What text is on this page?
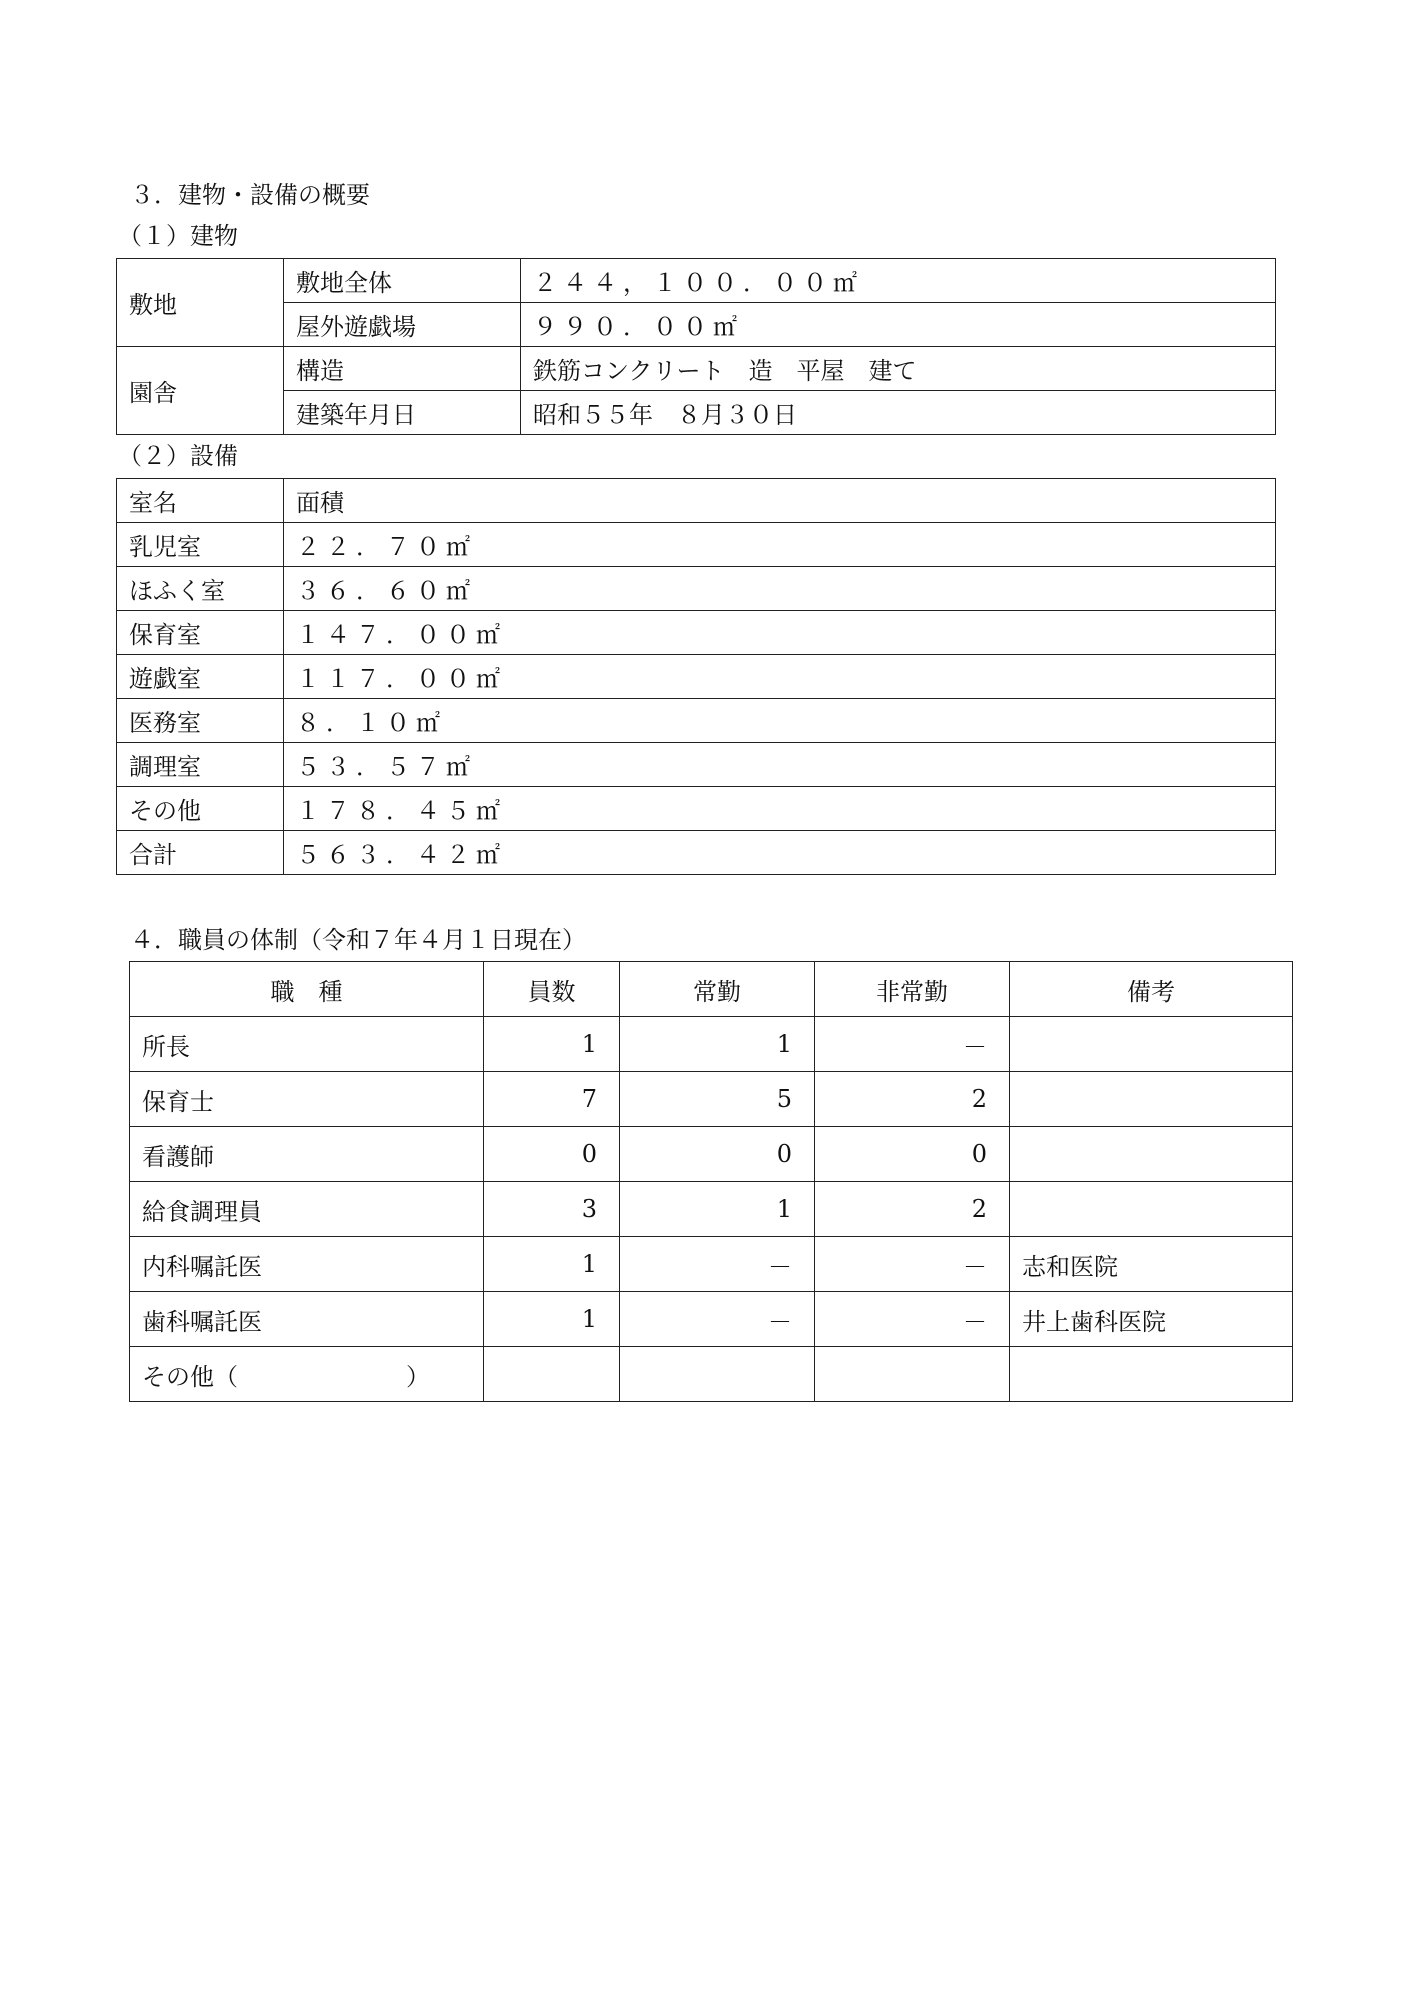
３．建物・設備の概要
（１）建物
敷地	敷地全体	２４４，１００．００㎡
	屋外遊戯場	９９０．００㎡
園舎	構造	鉄筋コンクリート　造　平屋　建て
	建築年月日	昭和５５年　８月３０日
（２）設備
室名	面積
乳児室	２２．７０㎡
ほふく室	３６．６０㎡
保育室	１４７．００㎡
遊戯室	１１７．００㎡
医務室	８．１０㎡
調理室	５３．５７㎡
その他	１７８．４５㎡
合計	５６３．４２㎡
４．職員の体制（令和７年４月１日現在）
職　種	員数	常勤	非常勤	備考
所長	1	1	－	
保育士	7	5	2	
看護師	0	0	0	
給食調理員	3	1	2	
内科嘱託医	1	－	－	志和医院
歯科嘱託医	1	－	－	井上歯科医院
その他（　　　　　　　）				
